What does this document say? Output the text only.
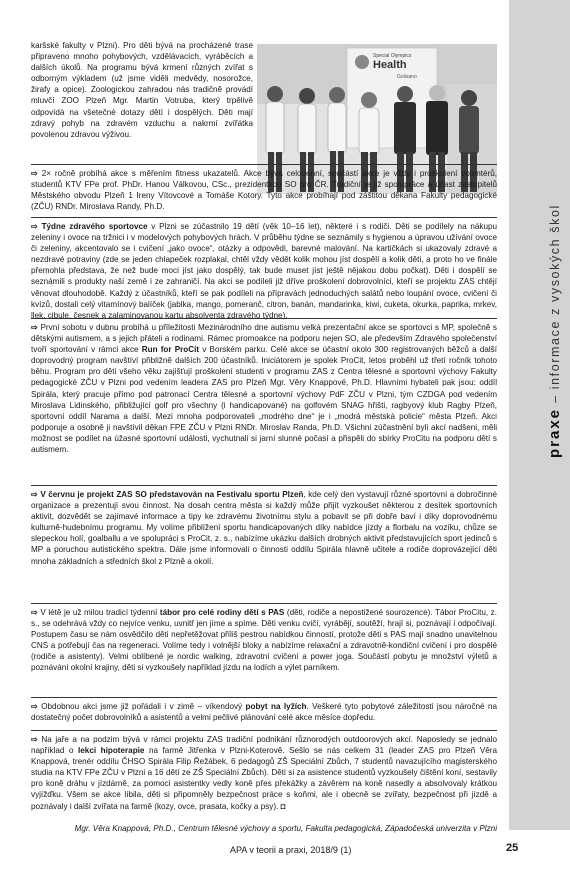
praxe – informace z vysokých škol

karšské fakulty v Plzni). Pro děti bývá na procházené trase připraveno mnoho pohybových, vzdělávacích, vyráběcích a dalších úkolů. Na programu bývá krmení různých zvířat s odborným výkladem (už jsme viděli medvědy, nosorožce, žirafy a opice). Zoologickou zahradou nás tradičně provádí mluvčí ZOO Plzeň Mgr. Martin Votruba, který trpělivě odpovídá na všetečné dotazy dětí i dospělých. Děti mají zdravý pohyb na zdravém vzduchu a nakrmí zvířátka povolenou zdravou výživou.

Special Olympics
Health
Golisano

⇨ 2× ročně probíhá akce s měřením fitness ukazatelů. Akce bývá celodenní, součástí akce je vždy i proškolení volontérů, studentů KTV FPe prof. PhDr. Hanou Válkovou, CSc., prezidentkou SO pro ČR. Tradiční je již spolupráce a účast zastupitelů Městského obvodu Plzeň 1 Ireny Vítovcové a Tomáše Kotory. Tyto akce probíhají pod záštitou děkana Fakulty pedagogické (ZČU) RNDr. Miroslava Randy, Ph.D.

⇨ Týdne zdravého sportovce v Plzni se zúčastnilo 19 dětí (věk 10–16 let), některé i s rodiči. Děti se podílely na nákupu zeleniny i ovoce na tržnici i v modelových pohybových hrách. V průběhu týdne se seznámily s hygienou a úpravou užívání ovoce či zeleniny, akcentovalo se i cvičení „jako ovoce“, otázky a odpovědi, barevné malování. Na kartičkách si ukazovaly zdravé a nezdravé potraviny (zde se jeden chlapeček rozplakal, chtěl vždy vědět kolik mohou jíst dospělí a kolik děti, a proto ho ve finále přemohla představa, že než bude moci jíst jako dospělý, tak bude muset jíst ještě nějakou dobu počkat). Děti i dospělí se seznámili s produkty naší země i ze zahraničí. Na akci se podíleli již dříve proškolení dobrovolníci, kteří se projektu ZAS chtějí věnovat dlouhodobě. Každý z účastníků, kteří se pak podíleli na přípravách jednoduchých salátů nebo loupání ovoce, cvičení či kvízů, dostali celý vitamínový balíček (jablka, mango, pomeranč, citron, banán, mandarinka, kiwi, cuketa, okurka, paprika, mrkev, llek, cibule, česnek a zalaminovanou kartu absolventa zdravého týdne).

⇨ První sobotu v dubnu probíhá u příležitosti Mezinárodního dne autismu velká prezentační akce se sportovci s MP, společně s dětskými autismem, a s jejich přáteli a rodinami. Rámec promoakce na podporu nejen SO, ale především Zdravého společenství tvoří sportování v rámci akce Run for ProCit v Borském parku. Celé akce se účastní okolo 300 registrovaných běžců a další doprovodný program navštíví přibližně dalších 200 účastníků. Iniciátorem je spolek ProCit, letos proběhl už třetí ročník tohoto běhu. Program pro děti všeho věku zajišťují proškolení studenti v programu ZAS z Centra tělesné a sportovní výchovy Fakulty pedagogické ZČU v Plzni pod vedením leadera ZAS pro Plzeň Mgr. Věry Knappové, Ph.D. Hlavními hybateli pak jsou: oddíl Spirála, který pracuje přímo pod patronací Centra tělesné a sportovní výchovy PdF ZČU v Plzni, tým CZDGA pod vedením Miroslava Lidinského, přibližující golf pro všechny (i handicapované) na golfovém SNAG hřišti, ragbyový klub Ragby Plzeň, sportovní oddíl Narama a další. Mezi mnoha podporovateli „modrého dne“ je i „modrá městská policie“ města Plzeň. Akci podporuje a osobně ji navštívil děkan FPE ZČU v Plzni RNDr. Miroslav Randa, Ph.D. Všichni zúčastnění byli akcí nadšeni, měli možnost se podílet na úžasné sportovní události, vychutnali si jarní slunné počasí a přispěli do sbírky ProCitu na podporu dětí s autismem.

⇨ V červnu je projekt ZAS SO představován na Festivalu sportu Plzeň, kde celý den vystavují různé sportovní a dobročinné organizace a prezentují svou činnost. Na dosah centra města si každý může přijít vyzkoušet některou z desítek sportovních aktivit, dozvědět se zajímavé informace a tipy ke zdravému životnímu stylu a pobavit se při dobře baví i díky doprovodnému kulturně-hudebnímu programu. My volíme přiblížení sportu handicapovaných díky nabídce jízdy a florbalu na vozíku, chůze se slepeckou holí, goalballu a ve spolupráci s ProCit, z. s., nabízíme ukázku dalších drobných aktivit představujících sport jedinců s MP a poruchou autistického spektra. Dále jsme informovali o činnosti oddílu Spirála hlavně učitele a rodiče doprovázející děti mnoha základních a středních škol z Plzně a okolí.

⇨ V létě je už milou tradicí týdenní tábor pro celé rodiny dětí s PAS (děti, rodiče a nepostižené sourozence). Tábor ProCitu, z. s., se odehrává vždy co nejvíce venku, uvnitř jen jíme a spíme. Děti venku cvičí, vyrábějí, soutěží, hrají si, poznávají i odpočívají. Postupem času se nám osvědčilo děti nepřetěžovat příliš pestrou nabídkou činností, protože děti s PAS mají snadno unavitelnou CNS a potřebují čas na regeneraci. Volíme tedy i volnější bloky a nabízíme relaxační a zdravotně-kondiční cvičení i pro dospělé (rodiče a asistenty). Velmi oblíbené je nordic walking, zdravotní cvičení a power joga. Součástí pobytu je množství výletů a poznávání okolní krajiny, děti si vyzkoušely například jízdu na lodích a výlet parníkem.

⇨ Obdobnou akci jsme již pořádali i v zimě – víkendový pobyt na lyžích. Veškeré tyto pobytové záležitosti jsou náročné na dostatečný počet dobrovolníků a asistentů a velmi pečlivé plánování celé akce měsíce dopředu.

⇨ Na jaře a na podzim bývá v rámci projektu ZAS tradiční podnikání různorodých outdoorových akcí. Naposledy se jednalo například o lekci hipoterapie na farmě Jitřenka v Plzni-Koterově. Sešlo se nás celkem 31 (leader ZAS pro Plzeň Věra Knappová, trenér oddílu ČHSO Spirála Filip Řežábek, 6 pedagogů ZŠ Speciální Zbůch, 7 studentů navazujícího magisterského studia na KTV FPe ZČU v Plzni a 16 dětí ze ZŠ Speciální Zbůch). Děti si za asistence studentů vyzkoušely čištění koní, sestavily pro koně dráhu v jízdárně, za pomoci asistentky vedly koně přes překážky a závěrem na koně nasedly a absolvovaly krátkou vyjížďku. Všem se akce líbila, děti si připomněly bezpečnost práce s koňmi, ale i obecně se zvířaty, bezpečnost při jízdě a poznávaly i další zvířata na farmě (kozy, ovce, prasata, kočky a psy). ◘

Mgr. Věra Knappová, Ph.D., Centrum tělesné výchovy a sportu, Fakulta pedagogická, Západočeská univerzita v Plzni

APA v teorii a praxi, 2018/9 (1)	25
